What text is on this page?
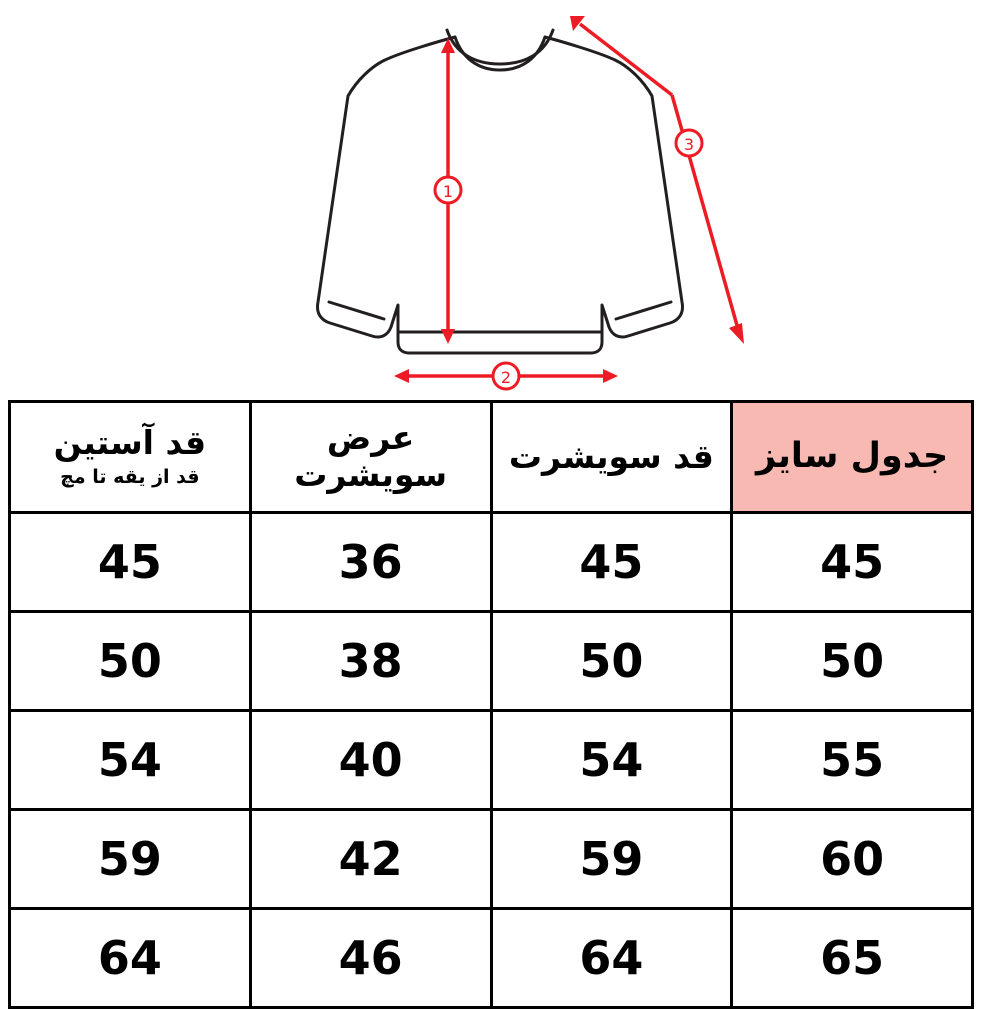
1
2
3
جدول سایز	قد سویشرت	عرض سویشرت	قد آستین
قد از یقه تا مچ

45	45	36	45
50	50	38	50
55	54	40	54
60	59	42	59
65	64	46	64
